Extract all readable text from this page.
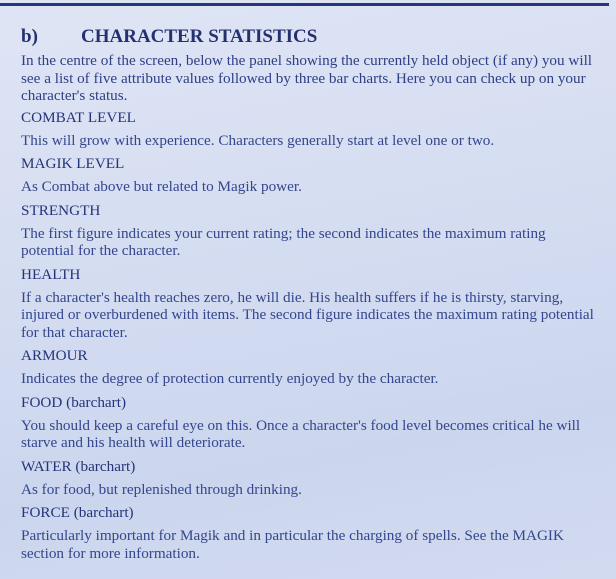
b) CHARACTER STATISTICS

In the centre of the screen, below the panel showing the currently held object (if any) you will see a list of five attribute values followed by three bar charts. Here you can check up on your character's status.

COMBAT LEVEL

This will grow with experience. Characters generally start at level one or two.

MAGIK LEVEL

As Combat above but related to Magik power.

STRENGTH

The first figure indicates your current rating; the second indicates the maximum rating potential for the character.

HEALTH

If a character's health reaches zero, he will die. His health suffers if he is thirsty, starving, injured or overburdened with items. The second figure indicates the maximum rating potential for that character.

ARMOUR

Indicates the degree of protection currently enjoyed by the character.

FOOD (barchart)

You should keep a careful eye on this. Once a character's food level becomes critical he will starve and his health will deteriorate.

WATER (barchart)

As for food, but replenished through drinking.

FORCE (barchart)

Particularly important for Magik and in particular the charging of spells. See the MAGIK section for more information.
